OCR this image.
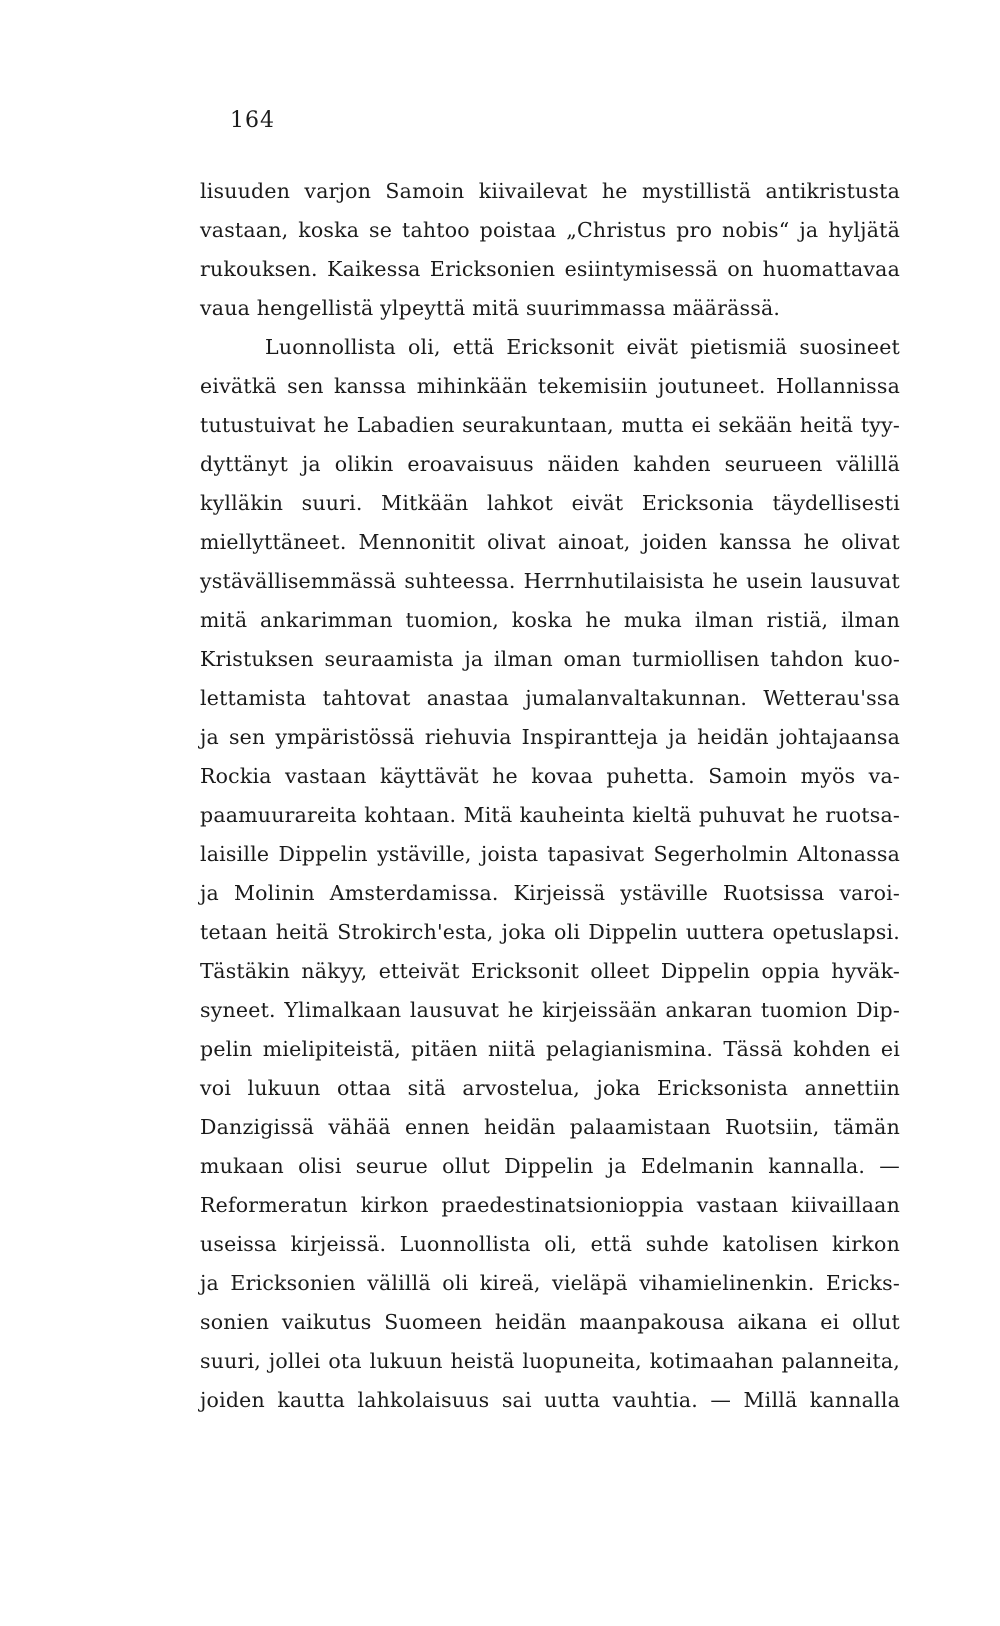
164
lisuuden varjon Samoin kiivailevat he mystillistä antikristusta
vastaan, koska se tahtoo poistaa „Christus pro nobis“ ja hyljätä
rukouksen. Kaikessa Ericksonien esiintymisessä on huomattavaa
vaua hengellistä ylpeyttä mitä suurimmassa määrässä.
Luonnollista oli, että Ericksonit eivät pietismiä suosineet
eivätkä sen kanssa mihinkään tekemisiin joutuneet. Hollannissa
tutustuivat he Labadien seurakuntaan, mutta ei sekään heitä tyy-
dyttänyt ja olikin eroavaisuus näiden kahden seurueen välillä
kylläkin suuri. Mitkään lahkot eivät Ericksonia täydellisesti
miellyttäneet. Mennonitit olivat ainoat, joiden kanssa he olivat
ystävällisemmässä suhteessa. Herrnhutilaisista he usein lausuvat
mitä ankarimman tuomion, koska he muka ilman ristiä, ilman
Kristuksen seuraamista ja ilman oman turmiollisen tahdon kuo-
lettamista tahtovat anastaa jumalanvaltakunnan. Wetterau'ssa
ja sen ympäristössä riehuvia Inspirantteja ja heidän johtajaansa
Rockia vastaan käyttävät he kovaa puhetta. Samoin myös va-
paamuurareita kohtaan. Mitä kauheinta kieltä puhuvat he ruotsa-
laisille Dippelin ystäville, joista tapasivat Segerholmin Altonassa
ja Molinin Amsterdamissa. Kirjeissä ystäville Ruotsissa varoi-
tetaan heitä Strokirch'esta, joka oli Dippelin uuttera opetuslapsi.
Tästäkin näkyy, etteivät Ericksonit olleet Dippelin oppia hyväk-
syneet. Ylimalkaan lausuvat he kirjeissään ankaran tuomion Dip-
pelin mielipiteistä, pitäen niitä pelagianismina. Tässä kohden ei
voi lukuun ottaa sitä arvostelua, joka Ericksonista annettiin
Danzigissä vähää ennen heidän palaamistaan Ruotsiin, tämän
mukaan olisi seurue ollut Dippelin ja Edelmanin kannalla. —
Reformeratun kirkon praedestinatsionioppia vastaan kiivaillaan
useissa kirjeissä. Luonnollista oli, että suhde katolisen kirkon
ja Ericksonien välillä oli kireä, vieläpä vihamielinenkin. Ericks-
sonien vaikutus Suomeen heidän maanpakousa aikana ei ollut
suuri, jollei ota lukuun heistä luopuneita, kotimaahan palanneita,
joiden kautta lahkolaisuus sai uutta vauhtia. — Millä kannalla
